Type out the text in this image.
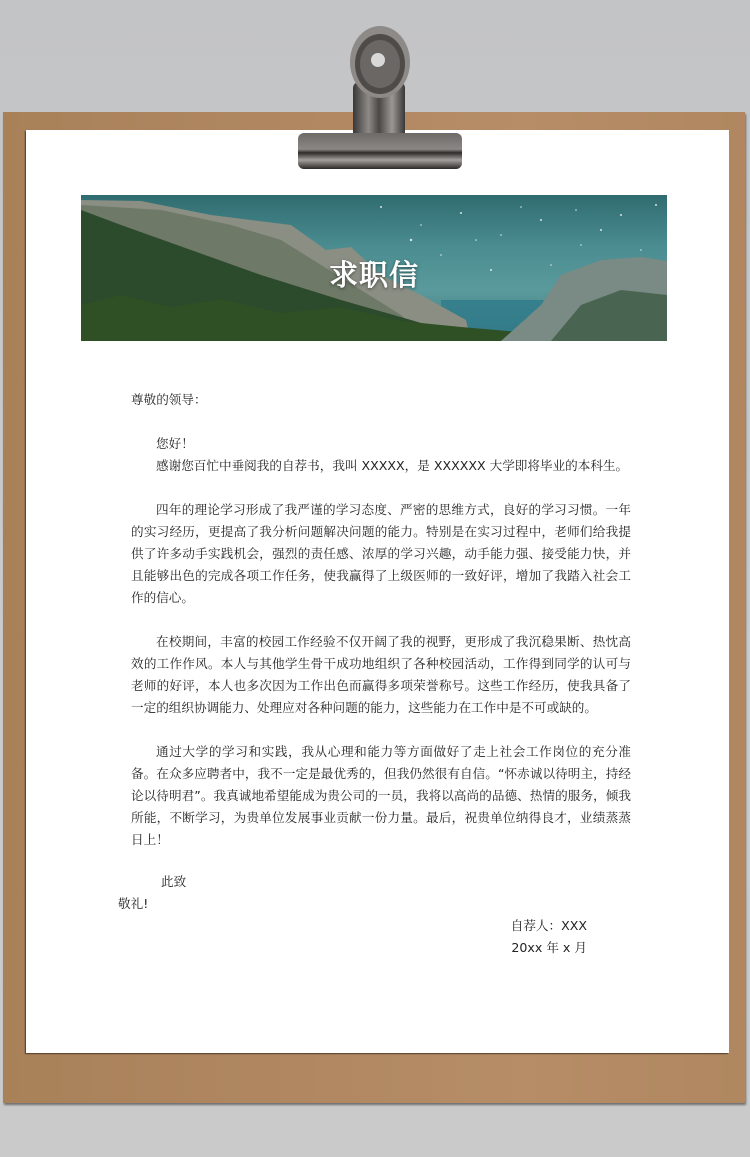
求职信

尊敬的领导：

您好！

感谢您百忙中垂阅我的自荐书，我叫 XXXXX，是 XXXXXX 大学即将毕业的本科生。

四年的理论学习形成了我严谨的学习态度、严密的思维方式，良好的学习习惯。一年的实习经历，更提高了我分析问题解决问题的能力。特别是在实习过程中，老师们给我提供了许多动手实践机会，强烈的责任感、浓厚的学习兴趣，动手能力强、接受能力快，并且能够出色的完成各项工作任务，使我赢得了上级医师的一致好评，增加了我踏入社会工作的信心。

在校期间，丰富的校园工作经验不仅开阔了我的视野，更形成了我沉稳果断、热忱高效的工作作风。本人与其他学生骨干成功地组织了各种校园活动，工作得到同学的认可与老师的好评，本人也多次因为工作出色而赢得多项荣誉称号。这些工作经历，使我具备了一定的组织协调能力、处理应对各种问题的能力，这些能力在工作中是不可或缺的。

通过大学的学习和实践，我从心理和能力等方面做好了走上社会工作岗位的充分准备。在众多应聘者中，我不一定是最优秀的，但我仍然很有自信。“怀赤诚以待明主，持经论以待明君”。我真诚地希望能成为贵公司的一员，我将以高尚的品德、热情的服务，倾我所能，不断学习，为贵单位发展事业贡献一份力量。最后，祝贵单位纳得良才，业绩蒸蒸日上！

此致

敬礼!

自荐人：XXX

20xx 年 x 月
